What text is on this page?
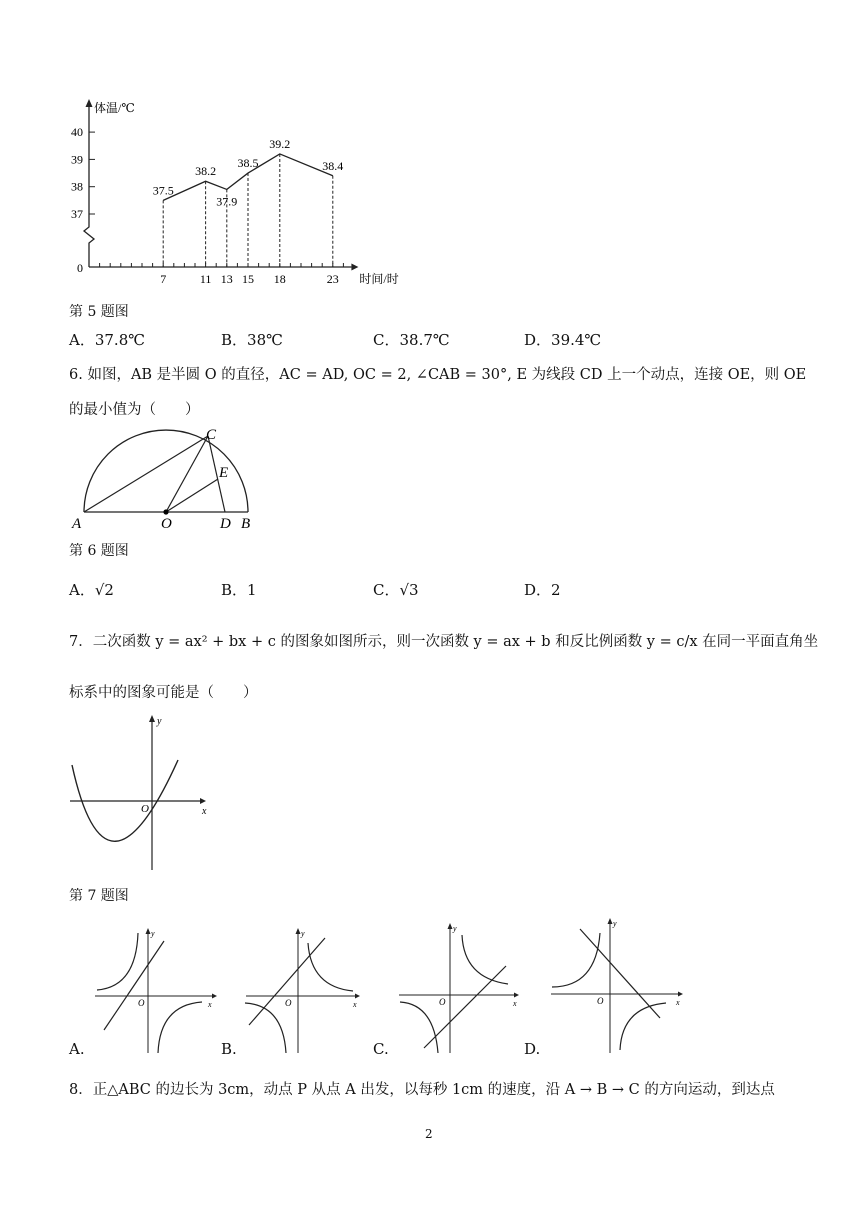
体温/℃
时间/时
0
37
38
39
40
7	11 13 15 18	23
37.5
38.2
37.9
38.5
39.2
38.4
第 5 题图
A．37.8℃	B．38℃	C．38.7℃	D．39.4℃
6. 如图，AB 是半圆 O 的直径，AC = AD, OC = 2, ∠CAB = 30°, E 为线段 CD 上一个动点，连接 OE，则 OE
的最小值为（　　）
A	O	D B
C
E
第 6 题图
A．√2	B．1	C．√3	D．2
7．二次函数 y = ax² + bx + c 的图象如图所示，则一次函数 y = ax + b 和反比例函数 y = c/x 在同一平面直角坐
标系中的图象可能是（　　）
x
y
O
第 7 题图
y
x
O
A.
y
x
O
B.
y
x
O
C.
y
x
O
D.
8．正△ABC 的边长为 3cm，动点 P 从点 A 出发，以每秒 1cm 的速度，沿 A → B → C 的方向运动，到达点
2
